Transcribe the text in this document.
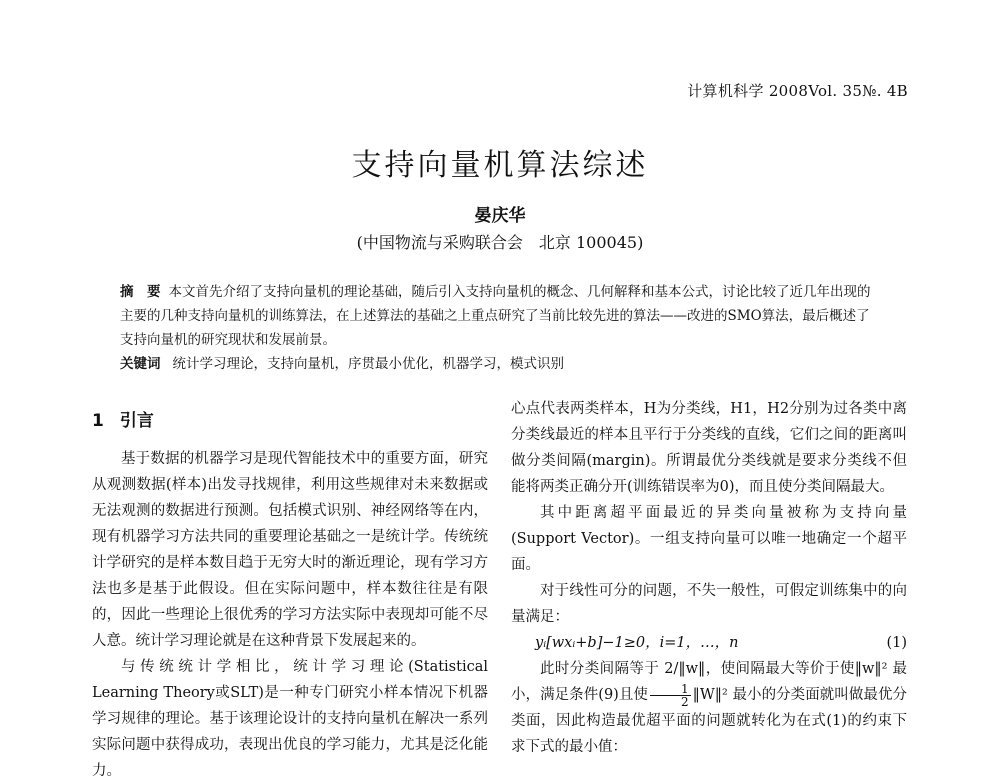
计算机科学 2008Vol. 35№. 4B
支持向量机算法综述
晏庆华
(中国物流与采购联合会　北京 100045)
摘　要 本文首先介绍了支持向量机的理论基础，随后引入支持向量机的概念、几何解释和基本公式，讨论比较了近几年出现的主要的几种支持向量机的训练算法，在上述算法的基础之上重点研究了当前比较先进的算法——改进的SMO算法，最后概述了支持向量机的研究现状和发展前景。
关键词 统计学习理论，支持向量机，序贯最小优化，机器学习，模式识别
1 引言

基于数据的机器学习是现代智能技术中的重要方面，研究从观测数据(样本)出发寻找规律，利用这些规律对未来数据或无法观测的数据进行预测。包括模式识别、神经网络等在内，现有机器学习方法共同的重要理论基础之一是统计学。传统统计学研究的是样本数目趋于无穷大时的渐近理论，现有学习方法也多是基于此假设。但在实际问题中，样本数往往是有限的，因此一些理论上很优秀的学习方法实际中表现却可能不尽人意。统计学习理论就是在这种背景下发展起来的。

与传统统计学相比，统计学习理论(Statistical Learning Theory或SLT)是一种专门研究小样本情况下机器学习规律的理论。基于该理论设计的支持向量机在解决一系列实际问题中获得成功，表现出优良的学习能力，尤其是泛化能力。

心点代表两类样本，H为分类线，H1，H2分别为过各类中离分类线最近的样本且平行于分类线的直线，它们之间的距离叫做分类间隔(margin)。所谓最优分类线就是要求分类线不但能将两类正确分开(训练错误率为0)，而且使分类间隔最大。

其中距离超平面最近的异类向量被称为支持向量(Support Vector)。一组支持向量可以唯一地确定一个超平面。

对于线性可分的问题，不失一般性，可假定训练集中的向量满足：

yᵢ[wxᵢ+b]−1≥0，i=1，…，n	(1)

此时分类间隔等于 2/‖w‖，使间隔最大等价于使‖w‖² 最小，满足条件(9)且使 $\frac{1}{2}$ ‖W‖² 最小的分类面就叫做最优分类面，因此构造最优超平面的问题就转化为在式(1)的约束下求下式的最小值：
